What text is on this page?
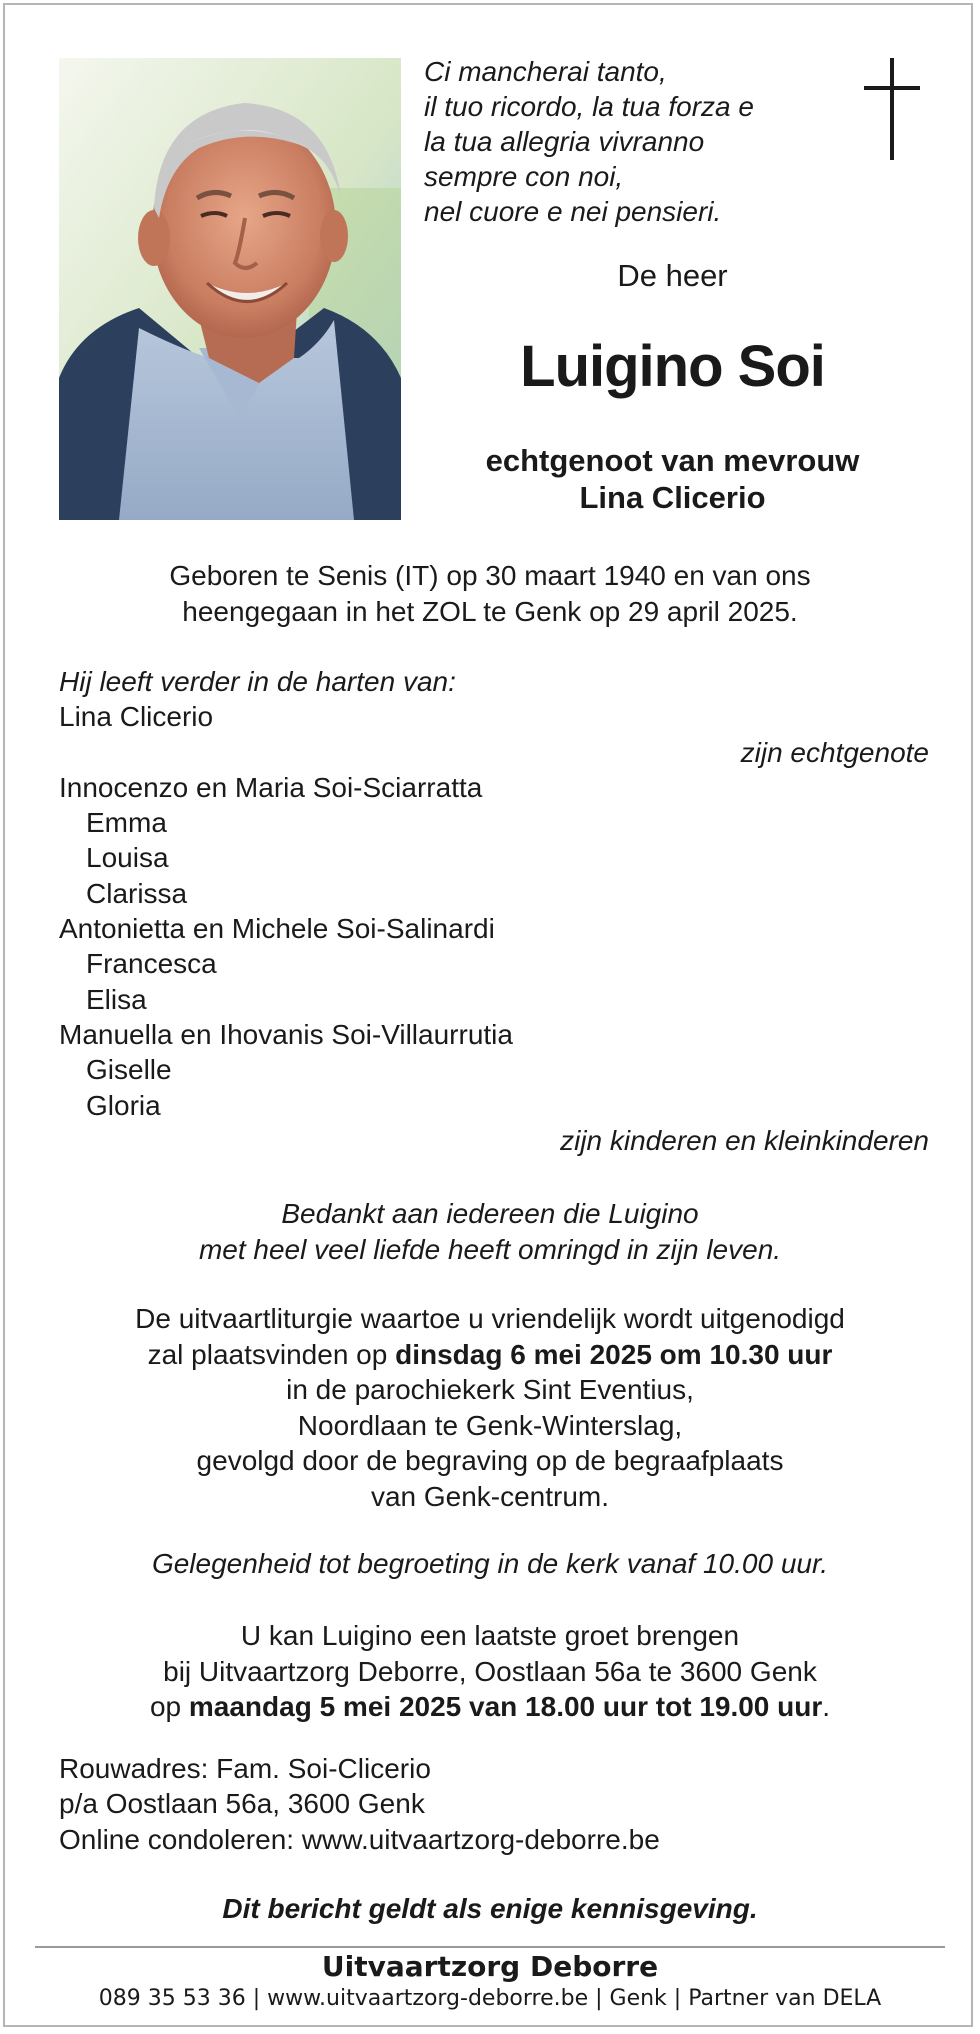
Ci mancherai tanto,
il tuo ricordo, la tua forza e
la tua allegria vivranno
sempre con noi,
nel cuore e nei pensieri.
De heer
Luigino Soi
echtgenoot van mevrouw
Lina Clicerio
Geboren te Senis (IT) op 30 maart 1940 en van ons
heengegaan in het ZOL te Genk op 29 april 2025.
Hij leeft verder in de harten van:
Lina Clicerio
zijn echtgenote
Innocenzo en Maria Soi-Sciarratta
Emma
Louisa
Clarissa
Antonietta en Michele Soi-Salinardi
Francesca
Elisa
Manuella en Ihovanis Soi-Villaurrutia
Giselle
Gloria
zijn kinderen en kleinkinderen
Bedankt aan iedereen die Luigino
met heel veel liefde heeft omringd in zijn leven.
De uitvaartliturgie waartoe u vriendelijk wordt uitgenodigd
zal plaatsvinden op dinsdag 6 mei 2025 om 10.30 uur
in de parochiekerk Sint Eventius,
Noordlaan te Genk-Winterslag,
gevolgd door de begraving op de begraafplaats
van Genk-centrum.
Gelegenheid tot begroeting in de kerk vanaf 10.00 uur.
U kan Luigino een laatste groet brengen
bij Uitvaartzorg Deborre, Oostlaan 56a te 3600 Genk
op maandag 5 mei 2025 van 18.00 uur tot 19.00 uur.
Rouwadres: Fam. Soi-Clicerio
p/a Oostlaan 56a, 3600 Genk
Online condoleren: www.uitvaartzorg-deborre.be
Dit bericht geldt als enige kennisgeving.
Uitvaartzorg Deborre
089 35 53 36 | www.uitvaartzorg-deborre.be | Genk | Partner van DELA
